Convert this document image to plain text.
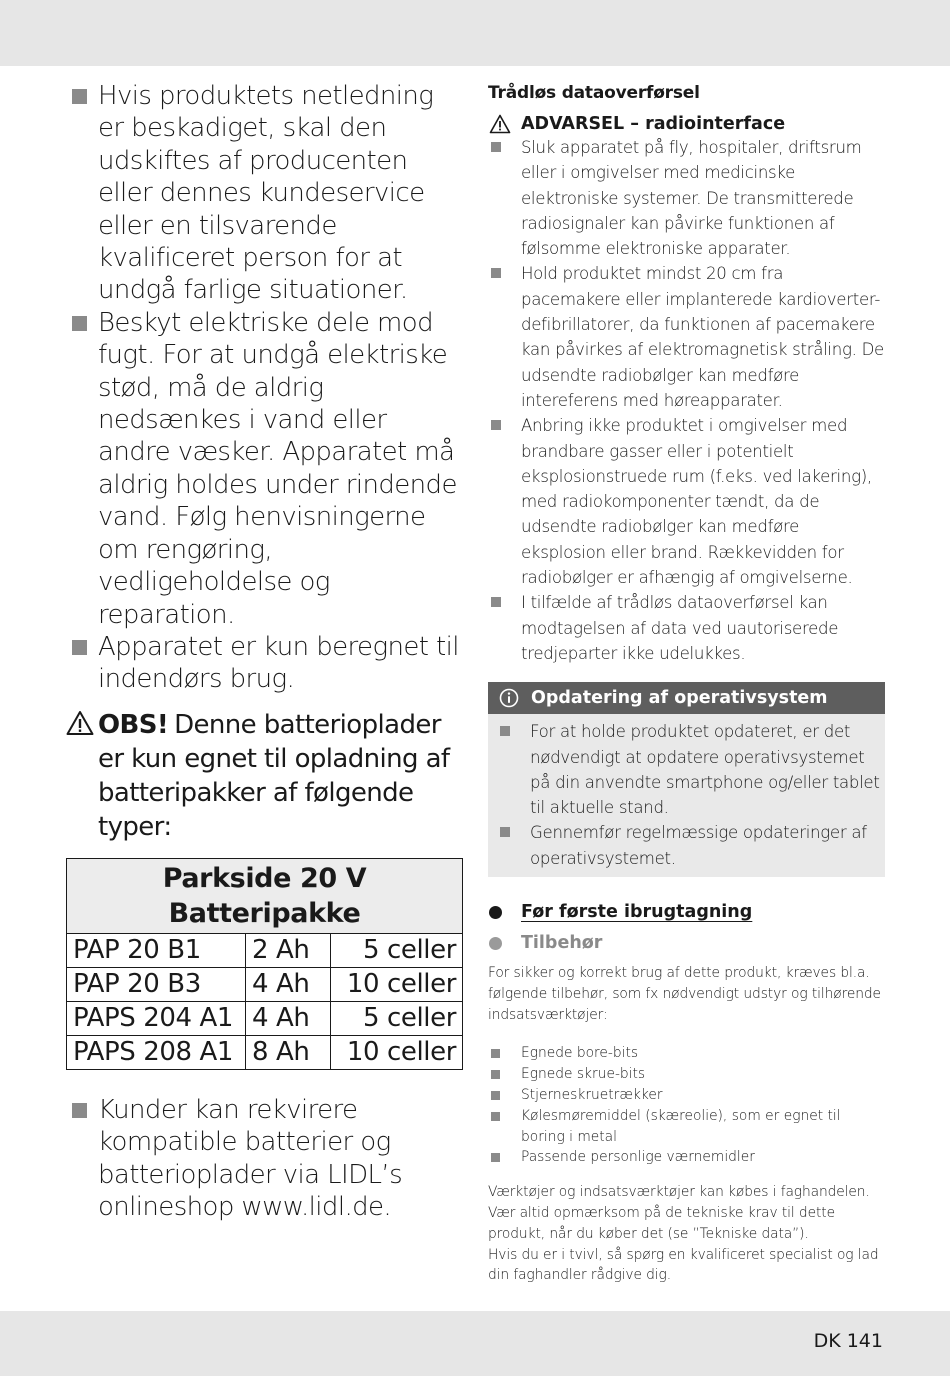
Hvis produktets netledning er beskadiget, skal den udskiftes af producenten eller dennes kundeservice eller en tilsvarende kvalificeret person for at undgå farlige situationer.
Beskyt elektriske dele mod fugt. For at undgå elektriske stød, må de aldrig nedsænkes i vand eller andre væsker. Apparatet må aldrig holdes under rindende vand. Følg henvisningerne om rengøring, vedligeholdelse og reparation.
Apparatet er kun beregnet til indendørs brug.
OBS! Denne batterioplader er kun egnet til opladning af batteripakker af følgende typer:
Parkside 20 V
Batteripakke		

PAP 20 B1	2 Ah	5 celler
PAP 20 B3	4 Ah	10 celler
PAPS 204 A1	4 Ah	5 celler
PAPS 208 A1	8 Ah	10 celler
Kunder kan rekvirere kompatible batterier og batterioplader via LIDL’s onlineshop www.lidl.de.
Trådløs dataoverførsel
ADVARSEL – radiointerface
Sluk apparatet på fly, hospitaler, driftsrum eller i omgivelser med medicinske elektroniske systemer. De transmitterede radiosignaler kan påvirke funktionen af følsomme elektroniske apparater.
Hold produktet mindst 20 cm fra pacemakere eller implanterede kardioverter-defibrillatorer, da funktionen af pacemakere kan påvirkes af elektromagnetisk stråling. De udsendte radiobølger kan medføre intereferens med høreapparater.
Anbring ikke produktet i omgivelser med brandbare gasser eller i potentielt eksplosionstruede rum (f.eks. ved lakering), med radiokomponenter tændt, da de udsendte radiobølger kan medføre eksplosion eller brand. Rækkevidden for radiobølger er afhængig af omgivelserne.
I tilfælde af trådløs dataoverførsel kan modtagelsen af data ved uautoriserede tredjeparter ikke udelukkes.
Opdatering af operativsystem
For at holde produktet opdateret, er det nødvendigt at opdatere operativsystemet på din anvendte smartphone og/eller tablet til aktuelle stand.
Gennemfør regelmæssige opdateringer af operativsystemet.
Før første ibrugtagning
Tilbehør

For sikker og korrekt brug af dette produkt, kræves bl.a. følgende tilbehør, som fx nødvendigt udstyr og tilhørende indsatsværktøjer:

Egnede bore-bits
Egnede skrue-bits
Stjerneskruetrækker
Kølesmøremiddel (skæreolie), som er egnet til boring i metal
Passende personlige værnemidler

Værktøjer og indsatsværktøjer kan købes i faghandelen. Vær altid opmærksom på de tekniske krav til dette produkt, når du køber det (se ”Tekniske data”).
Hvis du er i tvivl, så spørg en kvalificeret specialist og lad din faghandler rådgive dig.

DK 141
